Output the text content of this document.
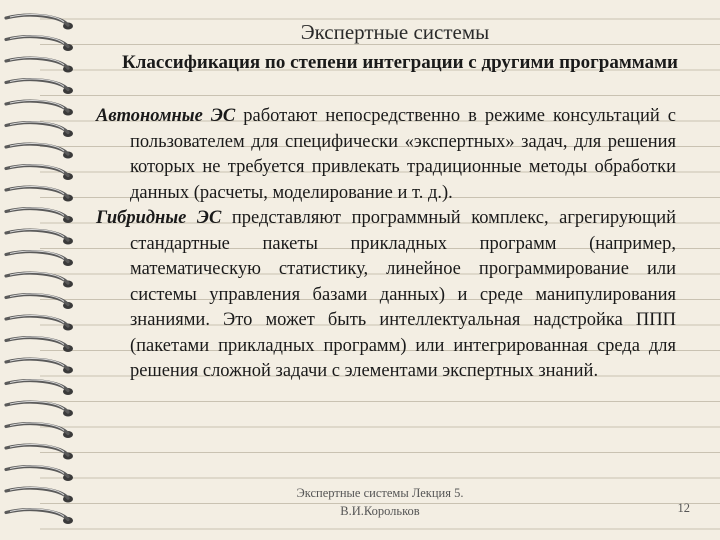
Экспертные системы
Классификация по степени интеграции с другими программами

Автономные ЭС работают непосредственно в режиме консультаций с пользователем для специфически «экспертных» задач, для решения которых не требуется привлекать традиционные методы обработки данных (расчеты, моделирование и т. д.).

Гибридные ЭС представляют программный комплекс, агрегирующий стандартные пакеты прикладных программ (например, математическую статистику, линейное программирование или системы управления базами данных) и среде манипулирования знаниями. Это может быть интеллектуальная надстройка ППП (пакетами прикладных программ) или интегрированная среда для решения сложной задачи с элементами экспертных знаний.

Экспертные системы Лекция 5.
В.И.Корольков	12
